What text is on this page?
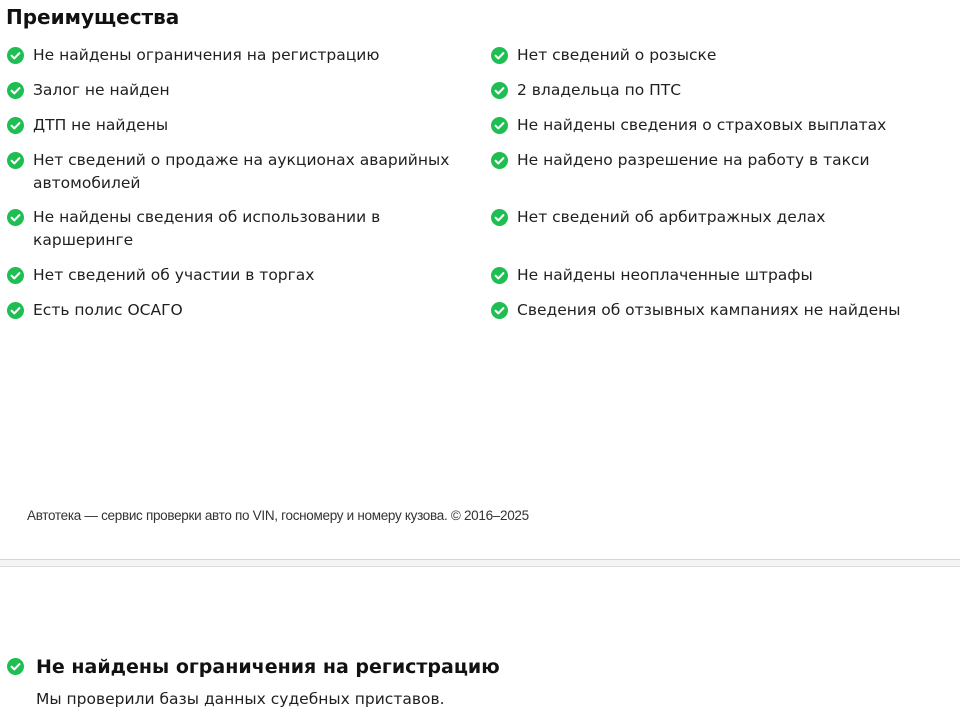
Преимущества
Не найдены ограничения на регистрацию
Залог не найден
ДТП не найдены
Нет сведений о продаже на аукционах аварийных автомобилей
Не найдены сведения об использовании в каршеринге
Нет сведений об участии в торгах
Есть полис ОСАГО
Нет сведений о розыске
2 владельца по ПТС
Не найдены сведения о страховых выплатах
Не найдено разрешение на работу в такси
Нет сведений об арбитражных делах
Не найдены неоплаченные штрафы
Сведения об отзывных кампаниях не найдены

Автотека — сервис проверки авто по VIN, госномеру и номеру кузова. © 2016–2025

Не найдены ограничения на регистрацию

Мы проверили базы данных судебных приставов.
